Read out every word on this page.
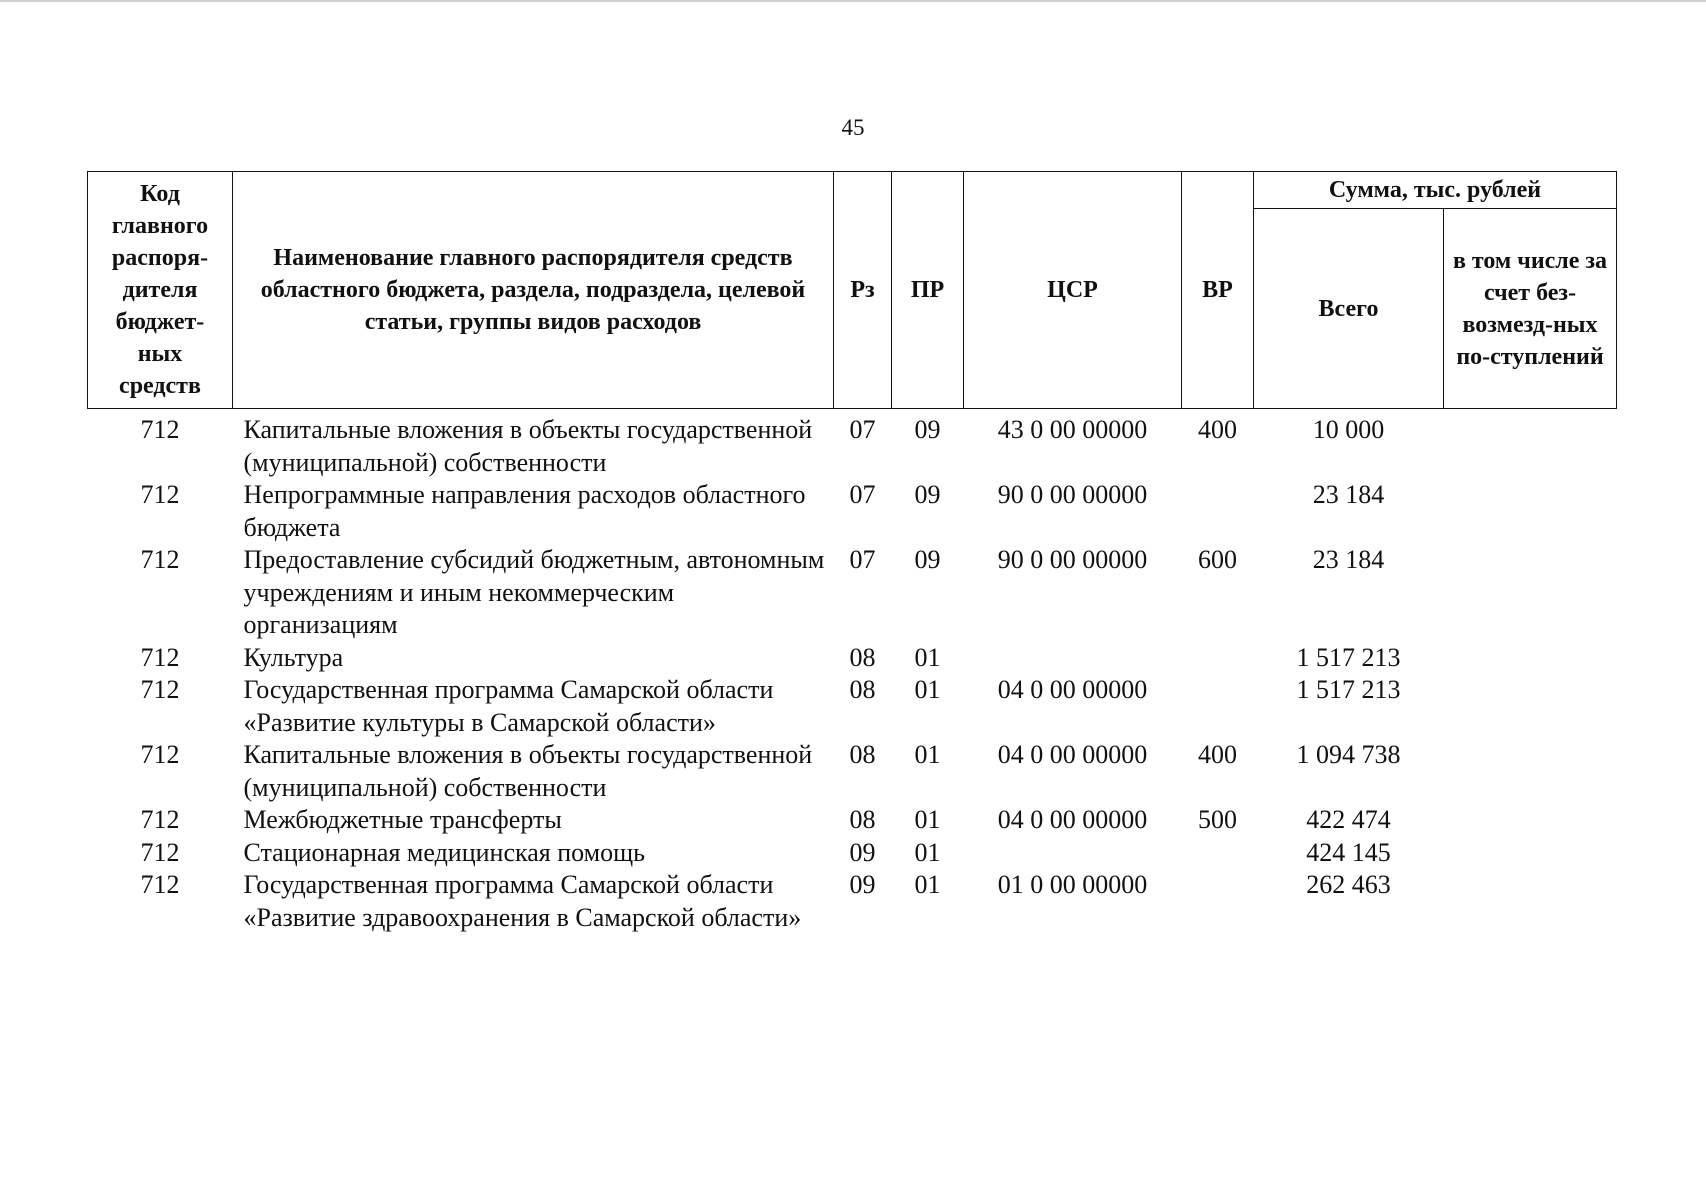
45
Код главного распоря-дителя бюджет-ных средств	Наименование главного распорядителя средств областного бюджета, раздела, подраздела, целевой статьи, группы видов расходов	Рз	ПР	ЦСР	ВР	Сумма, тыс. рублей	
						Всего	в том числе за счет без-возмезд-ных по-ступлений
712	Капитальные вложения в объекты государственной (муниципальной) собственности	07	09	43 0 00 00000	400	10 000	
712	Непрограммные направления расходов областного бюджета	07	09	90 0 00 00000		23 184	
712	Предоставление субсидий бюджетным, автономным учреждениям и иным некоммерческим организациям	07	09	90 0 00 00000	600	23 184	
712	Культура	08	01			1 517 213	
712	Государственная программа Самарской области «Развитие культуры в Самарской области»	08	01	04 0 00 00000		1 517 213	
712	Капитальные вложения в объекты государственной (муниципальной) собственности	08	01	04 0 00 00000	400	1 094 738	
712	Межбюджетные трансферты	08	01	04 0 00 00000	500	422 474	
712	Стационарная медицинская помощь	09	01			424 145	
712	Государственная программа Самарской области «Развитие здравоохранения в Самарской области»	09	01	01 0 00 00000		262 463	
